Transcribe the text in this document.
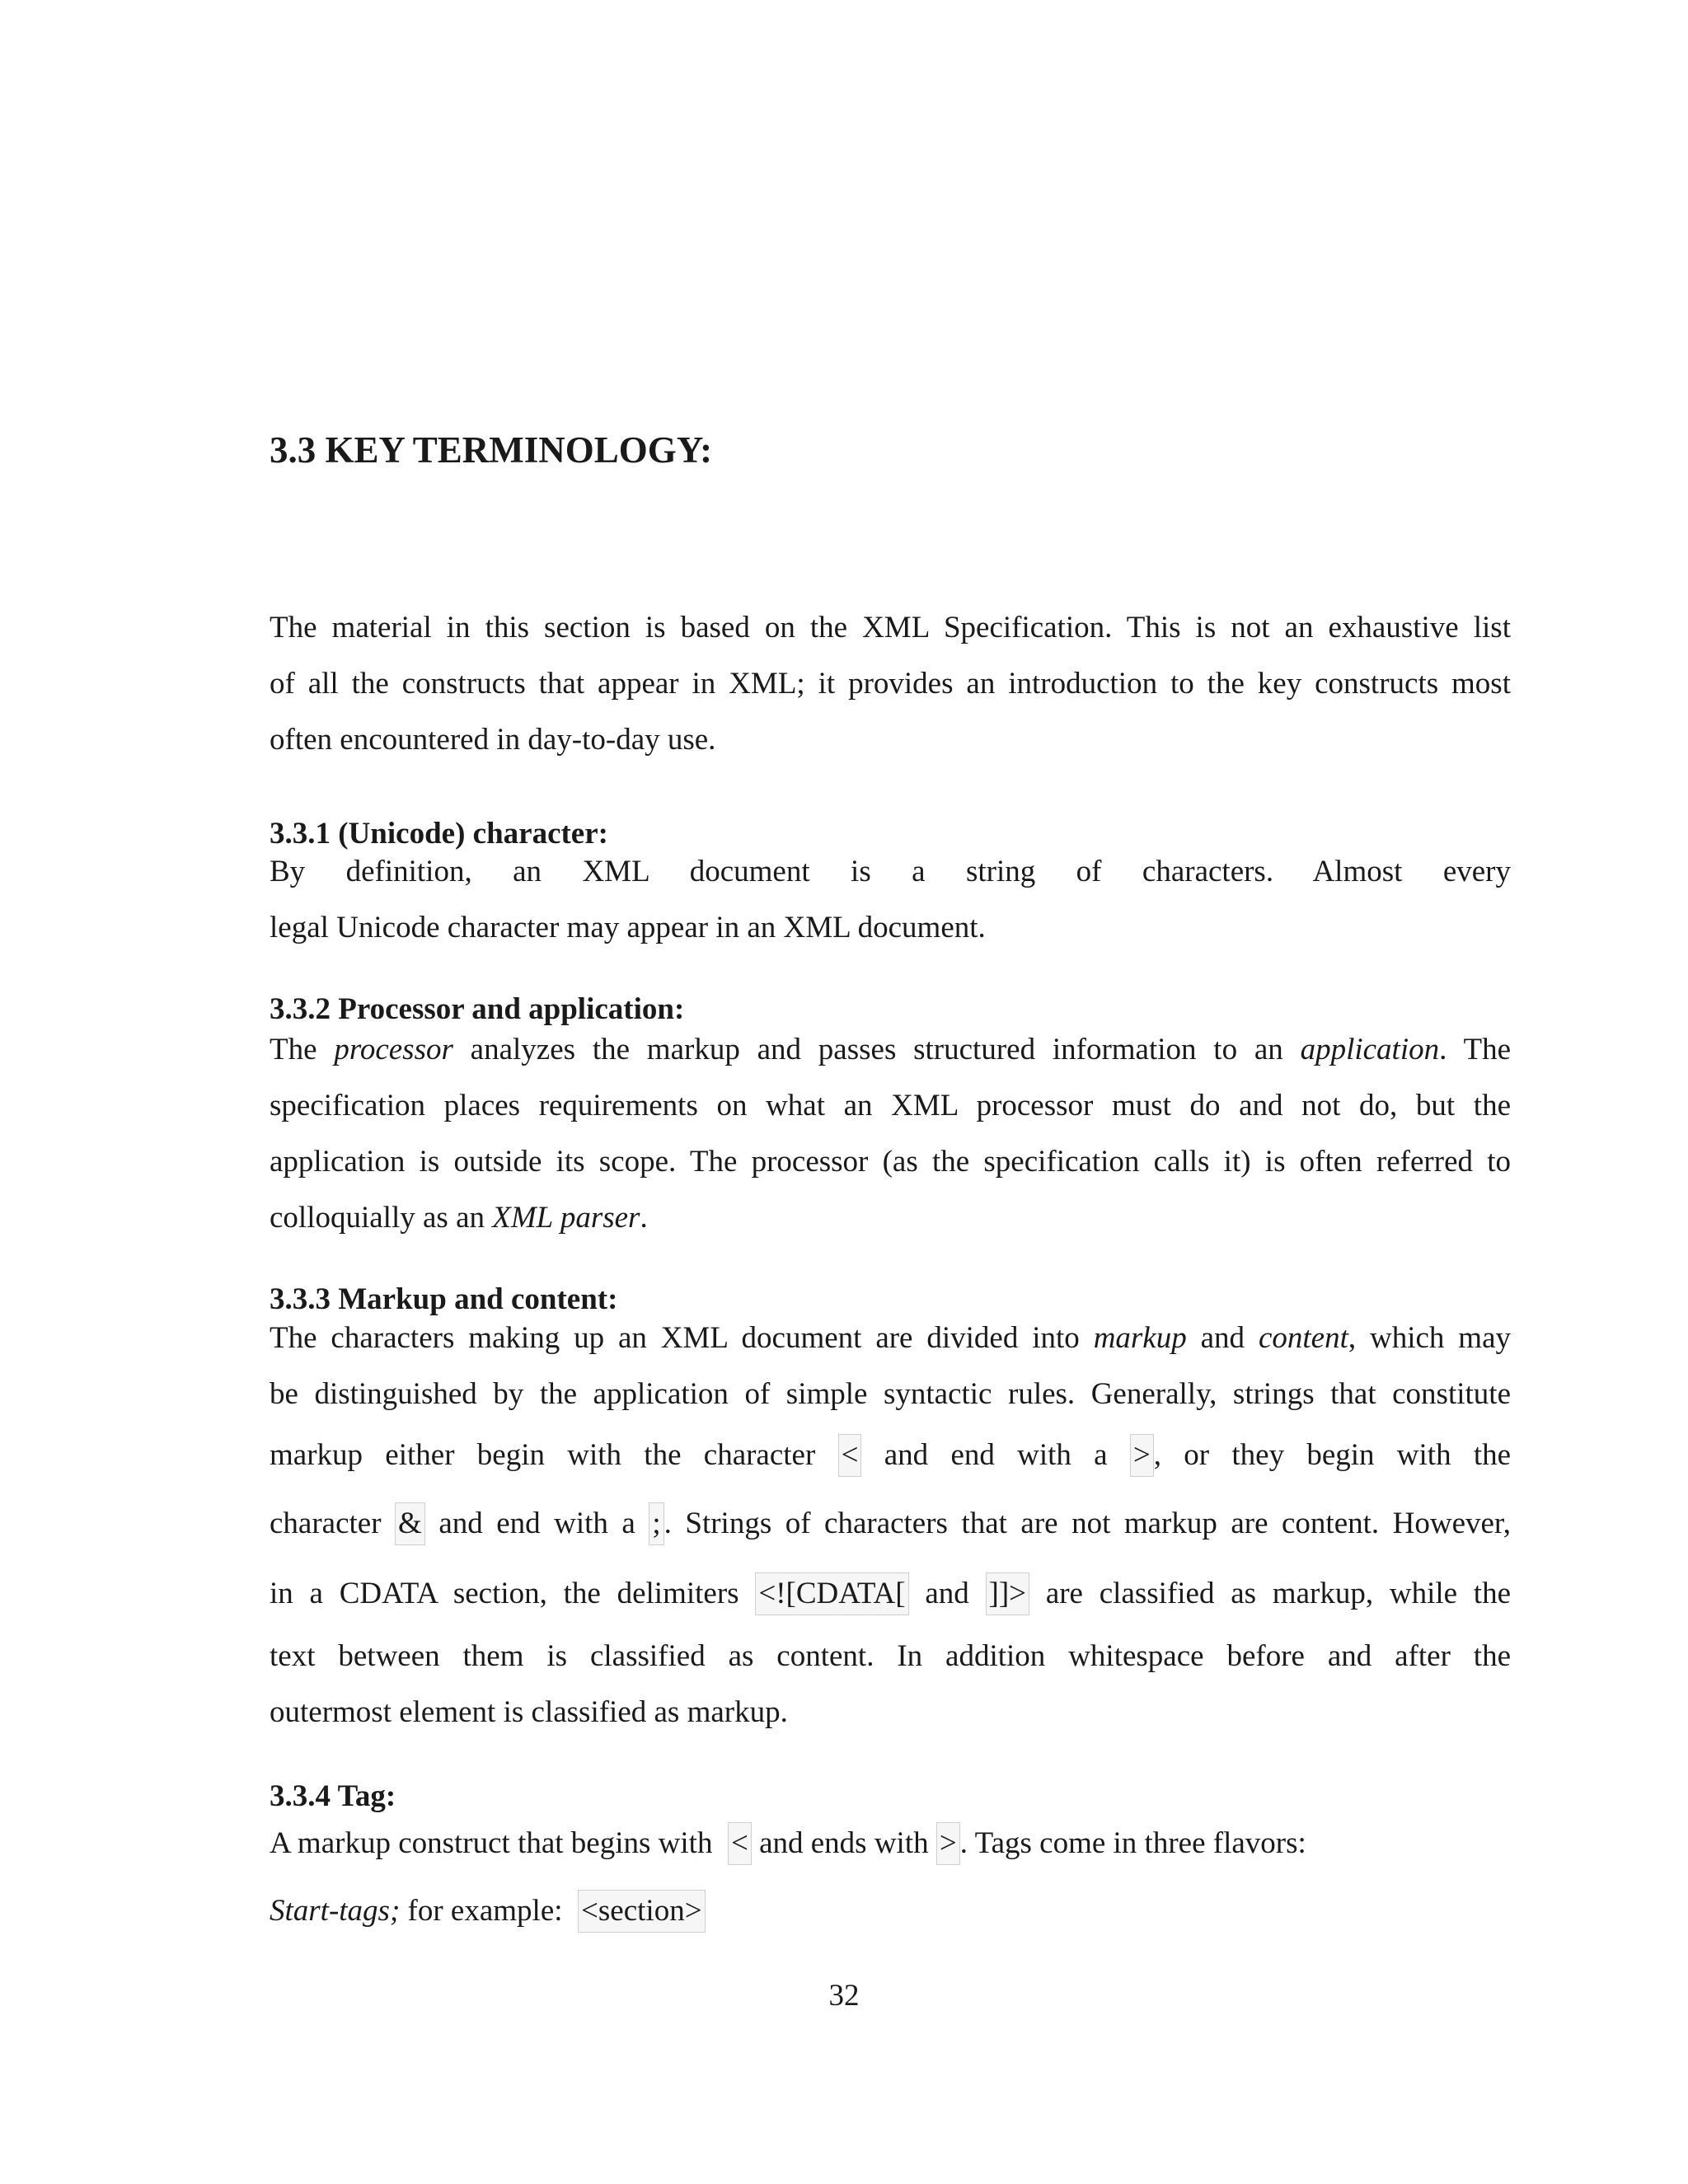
3.3 KEY TERMINOLOGY:
The material in this section is based on the XML Specification. This is not an exhaustive list
of all the constructs that appear in XML; it provides an introduction to the key constructs most
often encountered in day-to-day use.
3.3.1 (Unicode) character:
By definition, an XML document is a string of characters. Almost every
legal Unicode character may appear in an XML document.
3.3.2 Processor and application:
The processor analyzes the markup and passes structured information to an application. The
specification places requirements on what an XML processor must do and not do, but the
application is outside its scope. The processor (as the specification calls it) is often referred to
colloquially as an XML parser.
3.3.3 Markup and content:
The characters making up an XML document are divided into markup and content, which may
be distinguished by the application of simple syntactic rules. Generally, strings that constitute
markup either begin with the character < and end with a > , or they begin with the
character & and end with a ; . Strings of characters that are not markup are content. However,
in a CDATA section, the delimiters <![CDATA[ and ]]> are classified as markup, while the
text between them is classified as content. In addition whitespace before and after the
outermost element is classified as markup.
3.3.4 Tag:
A markup construct that begins with < and ends with > . Tags come in three flavors:
Start-tags; for example: <section>

32
